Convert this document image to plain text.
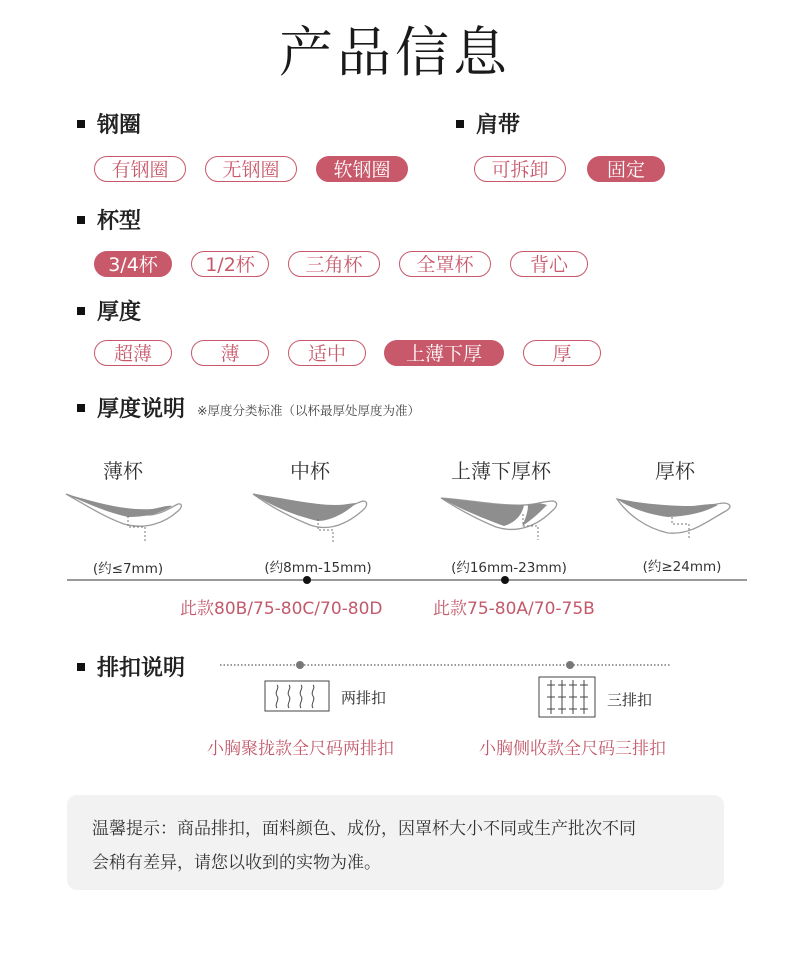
产品信息
钢圈
有钢圈	无钢圈	软钢圈
肩带
可拆卸	固定
杯型
3/4杯	1/2杯	三角杯	全罩杯	背心
厚度
超薄	薄	适中	上薄下厚	厚
厚度说明 ※厚度分类标准（以杯最厚处厚度为准）
薄杯	中杯	上薄下厚杯	厚杯
(约≤7mm)	(约8mm-15mm)	(约16mm-23mm)	(约≥24mm)
此款80B/75-80C/70-80D	此款75-80A/70-75B
排扣说明
两排扣	三排扣
小胸聚拢款全尺码两排扣	小胸侧收款全尺码三排扣
温馨提示：商品排扣，面料颜色、成份，因罩杯大小不同或生产批次不同
会稍有差异，请您以收到的实物为准。
